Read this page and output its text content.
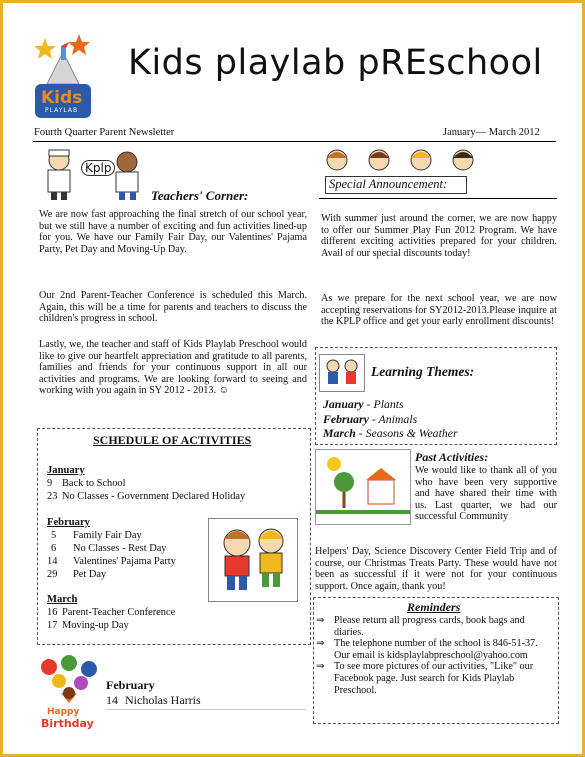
Kids
PLAYLAB
Kids playlab pREschool
Fourth Quarter Parent Newsletter	January— March 2012
Kplp
Teachers' Corner:
We are now fast approaching the final stretch of our school year, but we still have a number of exciting and fun activities lined-up for you. We have our Family Fair Day, our Valentines' Pajama Party, Pet Day and Moving-Up Day.
Our 2nd Parent-Teacher Conference is scheduled this March. Again, this will be a time for parents and teachers to discuss the children's progress in school.
Lastly, we, the teacher and staff of Kids Playlab Preschool would like to give our heartfelt appreciation and gratitude to all parents, families and friends for your continuous support in all our activities and programs. We are looking forward to seeing and working with you again in SY 2012 - 2013. ☺
SCHEDULE OF ACTIVITIES
January
9 Back to School
23 No Classes - Government Declared Holiday
February
5 Family Fair Day
6 No Classes - Rest Day
14 Valentines' Pajama Party
29 Pet Day
March
16 Parent-Teacher Conference
17 Moving-up Day
Happy
Birthday
February
14 Nicholas Harris
Special Announcement:
With summer just around the corner, we are now happy to offer our Summer Play Fun 2012 Program. We have different exciting activities prepared for your children. Avail of our special discounts today!
As we prepare for the next school year, we are now accepting reservations for SY2012-2013.Please inquire at the KPLP office and get your early enrollment discounts!
Learning Themes:
January - Plants
February - Animals
March - Seasons & Weather
Past Activities:
We would like to thank all of you who have been very supportive and have shared their time with us. Last quarter, we had our successful Community
Helpers' Day, Science Discovery Center Field Trip and of course, our Christmas Treats Party. These would have not been as successful if it were not for your continuous support. Once again, thank you!
Reminders
⇒ Please return all progress cards, book bags and diaries.
⇒ The telephone number of the school is 846-51-37. Our email is kidsplaylabpreschool@yahoo.com
⇒ To see more pictures of our activities, "Like" our Facebook page. Just search for Kids Playlab Preschool.
